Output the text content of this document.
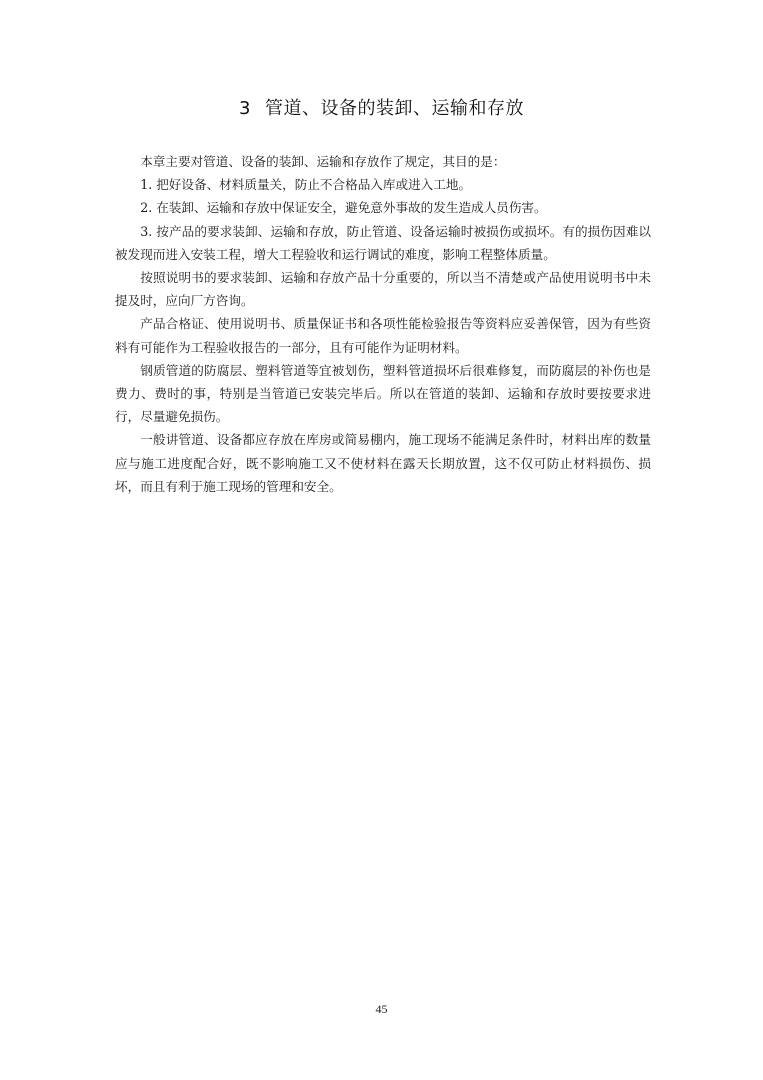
3 管道、设备的装卸、运输和存放

本章主要对管道、设备的装卸、运输和存放作了规定，其目的是：

1. 把好设备、材料质量关，防止不合格品入库或进入工地。

2. 在装卸、运输和存放中保证安全，避免意外事故的发生造成人员伤害。

3. 按产品的要求装卸、运输和存放，防止管道、设备运输时被损伤或损坏。有的损伤因难以被发现而进入安装工程，增大工程验收和运行调试的难度，影响工程整体质量。

按照说明书的要求装卸、运输和存放产品十分重要的，所以当不清楚或产品使用说明书中未提及时，应向厂方咨询。

产品合格证、使用说明书、质量保证书和各项性能检验报告等资料应妥善保管，因为有些资料有可能作为工程验收报告的一部分，且有可能作为证明材料。

钢质管道的防腐层、塑料管道等宜被划伤，塑料管道损坏后很难修复，而防腐层的补伤也是费力、费时的事，特别是当管道已安装完毕后。所以在管道的装卸、运输和存放时要按要求进行，尽量避免损伤。

一般讲管道、设备都应存放在库房或简易棚内，施工现场不能满足条件时，材料出库的数量应与施工进度配合好，既不影响施工又不使材料在露天长期放置，这不仅可防止材料损伤、损坏，而且有利于施工现场的管理和安全。

45
